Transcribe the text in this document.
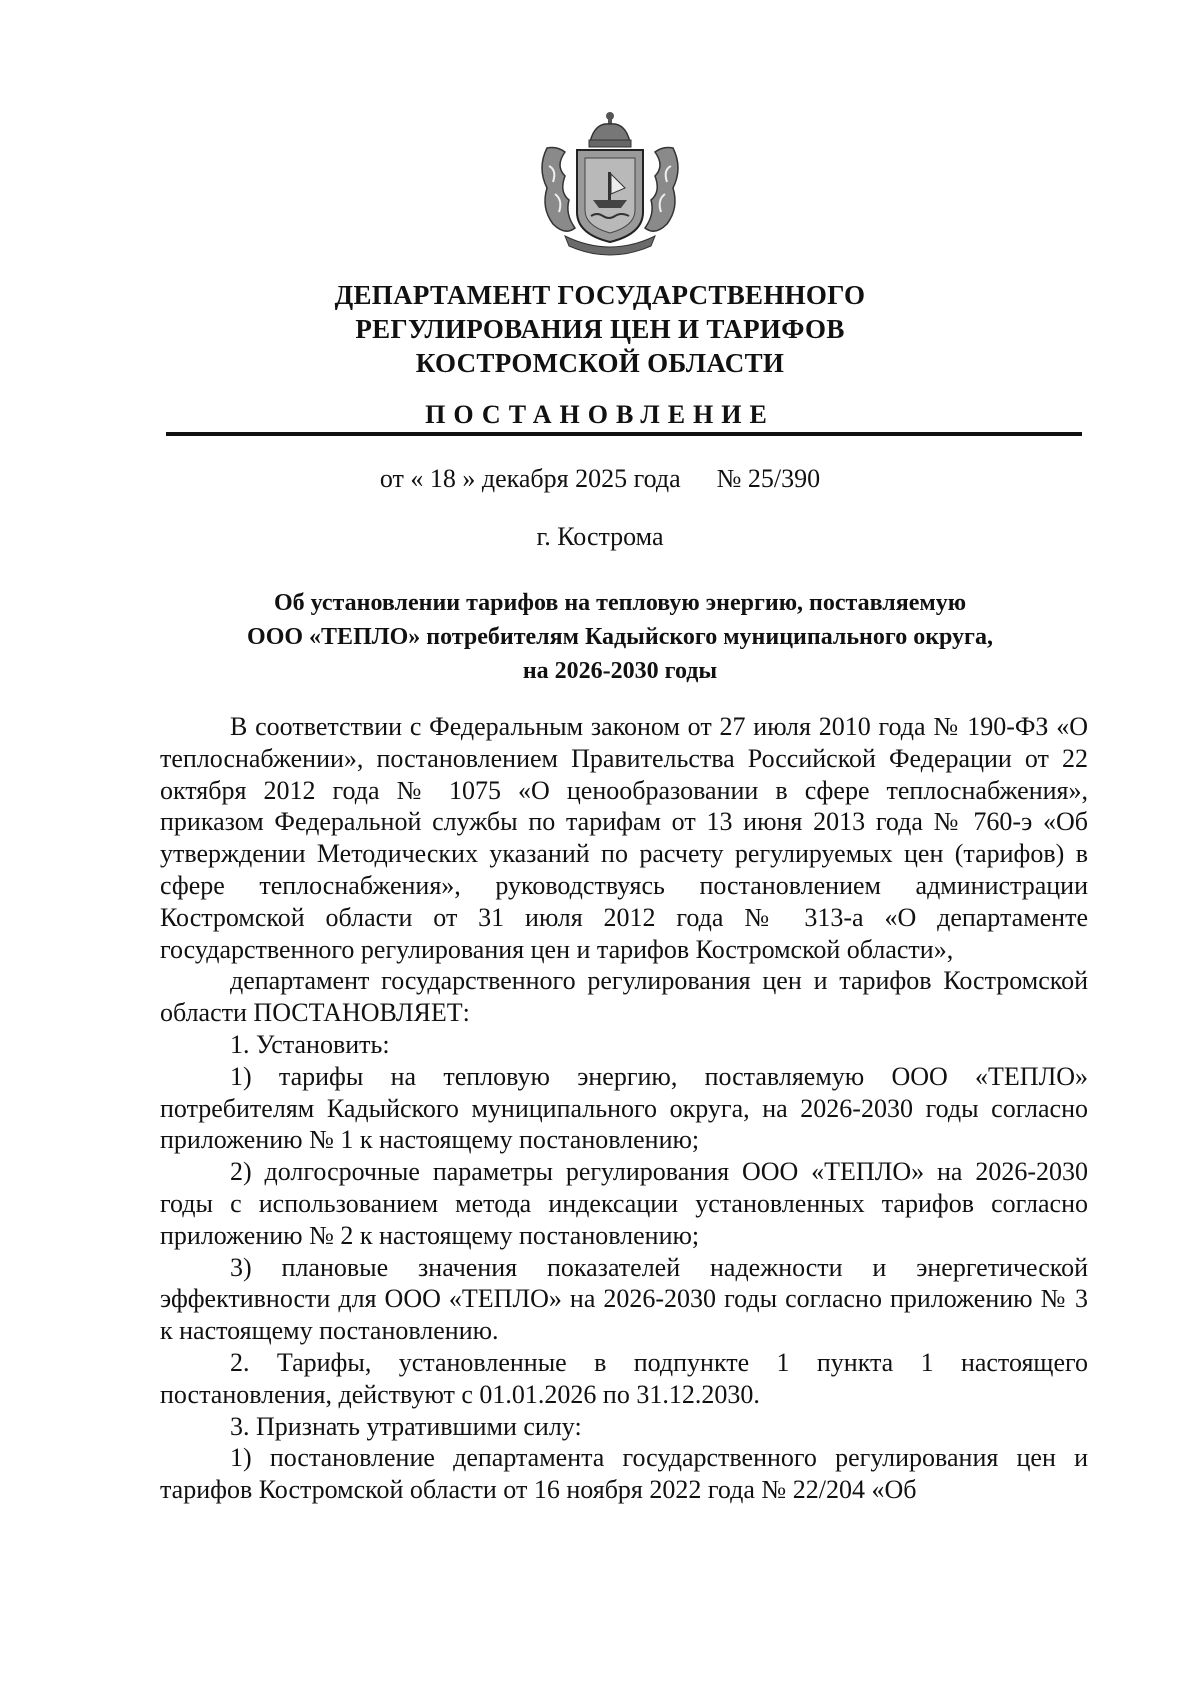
ДЕПАРТАМЕНТ ГОСУДАРСТВЕННОГО
РЕГУЛИРОВАНИЯ ЦЕН И ТАРИФОВ
КОСТРОМСКОЙ ОБЛАСТИ
ПОСТАНОВЛЕНИЕ
от « 18 » декабря 2025 года № 25/390
г. Кострома
Об установлении тарифов на тепловую энергию, поставляемую
ООО «ТЕПЛО» потребителям Кадыйского муниципального округа,
на 2026-2030 годы

В соответствии с Федеральным законом от 27 июля 2010 года № 190-ФЗ «О теплоснабжении», постановлением Правительства Российской Федерации от 22 октября 2012 года № 1075 «О ценообразовании в сфере теплоснабжения», приказом Федеральной службы по тарифам от 13 июня 2013 года № 760-э «Об утверждении Методических указаний по расчету регулируемых цен (тарифов) в сфере теплоснабжения», руководствуясь постановлением администрации Костромской области от 31 июля 2012 года № 313-а «О департаменте государственного регулирования цен и тарифов Костромской области»,

департамент государственного регулирования цен и тарифов Костромской области ПОСТАНОВЛЯЕТ:

1. Установить:

1) тарифы на тепловую энергию, поставляемую ООО «ТЕПЛО» потребителям Кадыйского муниципального округа, на 2026-2030 годы согласно приложению № 1 к настоящему постановлению;

2) долгосрочные параметры регулирования ООО «ТЕПЛО» на 2026-2030 годы с использованием метода индексации установленных тарифов согласно приложению № 2 к настоящему постановлению;

3) плановые значения показателей надежности и энергетической эффективности для ООО «ТЕПЛО» на 2026-2030 годы согласно приложению № 3 к настоящему постановлению.

2. Тарифы, установленные в подпункте 1 пункта 1 настоящего постановления, действуют с 01.01.2026 по 31.12.2030.

3. Признать утратившими силу:

1) постановление департамента государственного регулирования цен и тарифов Костромской области от 16 ноября 2022 года № 22/204 «Об
